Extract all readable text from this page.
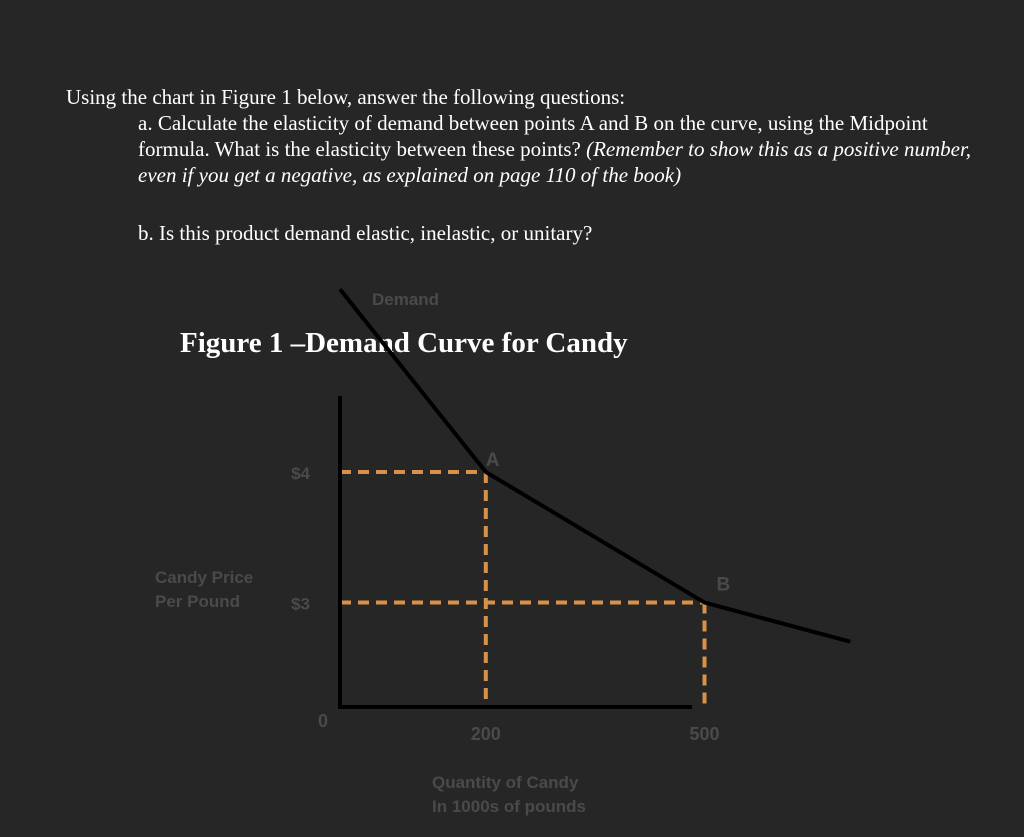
Using the chart in Figure 1 below, answer the following questions:
a. Calculate the elasticity of demand between points A and B on the curve, using the Midpoint formula. What is the elasticity between these points? (Remember to show this as a positive number, even if you get a negative, as explained on page 110 of the book)
b. Is this product demand elastic, inelastic, or unitary?
Figure 1 –Demand Curve for Candy
Demand
A
B
$4
$3
200	500
0
Candy Price
Per Pound
Quantity of Candy
In 1000s of pounds
